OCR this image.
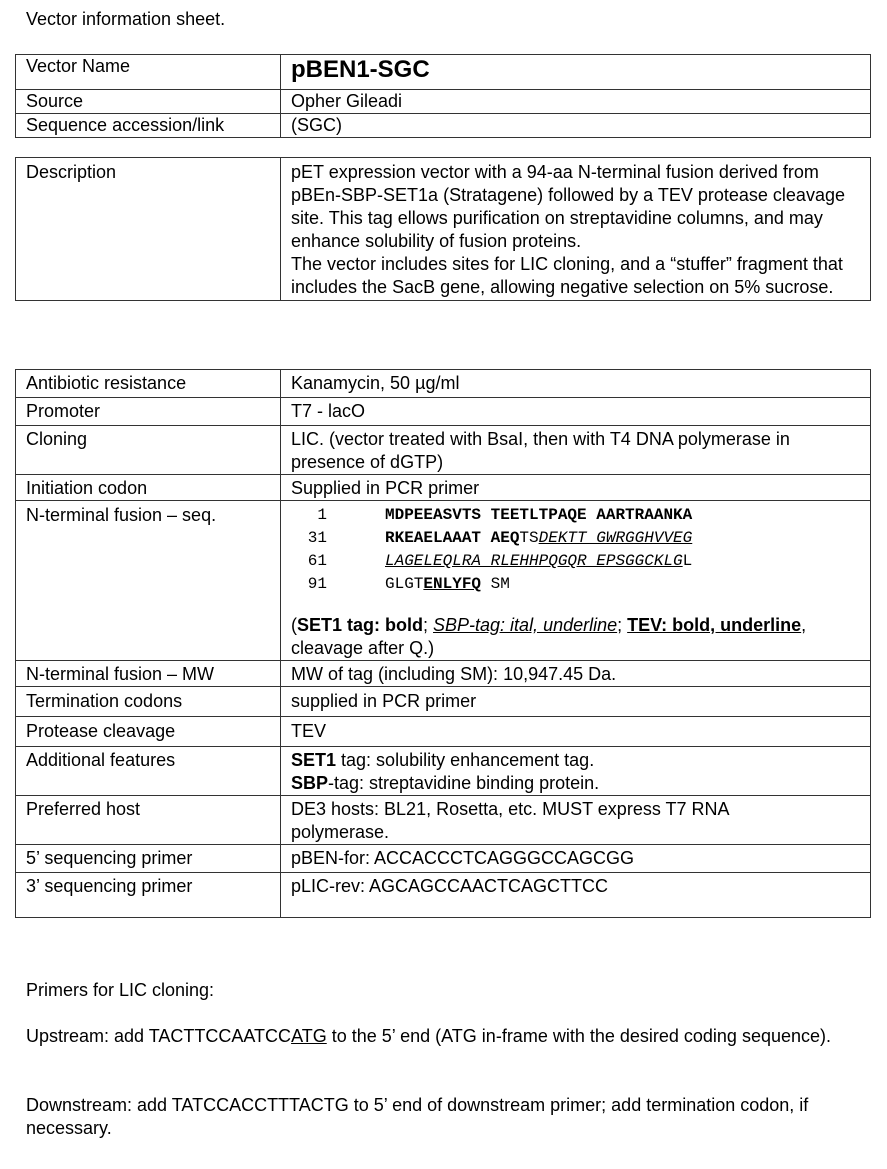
Vector information sheet.
Vector Name	pBEN1-SGC
Source	Opher Gileadi
Sequence accession/link	(SGC)
Description	pET expression vector with a 94-aa N-terminal fusion derived from pBEn-SBP-SET1a (Stratagene) followed by a TEV protease cleavage site. This tag ellows purification on streptavidine columns, and may enhance solubility of fusion proteins.
The vector includes sites for LIC cloning, and a “stuffer” fragment that includes the SacB gene, allowing negative selection on 5% sucrose.
Antibiotic resistance	Kanamycin, 50 µg/ml
Promoter	T7 - lacO
Cloning	LIC. (vector treated with BsaI, then with T4 DNA polymerase in presence of dGTP)
Initiation codon	Supplied in PCR primer
N-terminal fusion – seq.	1 MDPEEASVTS TEETLTPAQE AARTRAANKA
31 RKEAELAAAT AEQTSDEKTT GWRGGHVVEG
61 LAGELEQLRA RLEHHPQGQR EPSGGCKLGL
91 GLGTENLYFQ SM
(SET1 tag: bold; SBP-tag: ital, underline; TEV: bold, underline, cleavage after Q.)

N-terminal fusion – MW	MW of tag (including SM): 10,947.45 Da.
Termination codons	supplied in PCR primer
Protease cleavage	TEV
Additional features	SET1 tag: solubility enhancement tag.
SBP-tag: streptavidine binding protein.

Preferred host	DE3 hosts: BL21, Rosetta, etc. MUST express T7 RNA polymerase.
5’ sequencing primer	pBEN-for: ACCACCCTCAGGGCCAGCGG
3’ sequencing primer	pLIC-rev: AGCAGCCAACTCAGCTTCC

Primers for LIC cloning:

Upstream: add TACTTCCAATCCATG to the 5’ end (ATG in-frame with the desired coding sequence).

Downstream: add TATCCACCTTTACTG to 5’ end of downstream primer; add termination codon, if necessary.
